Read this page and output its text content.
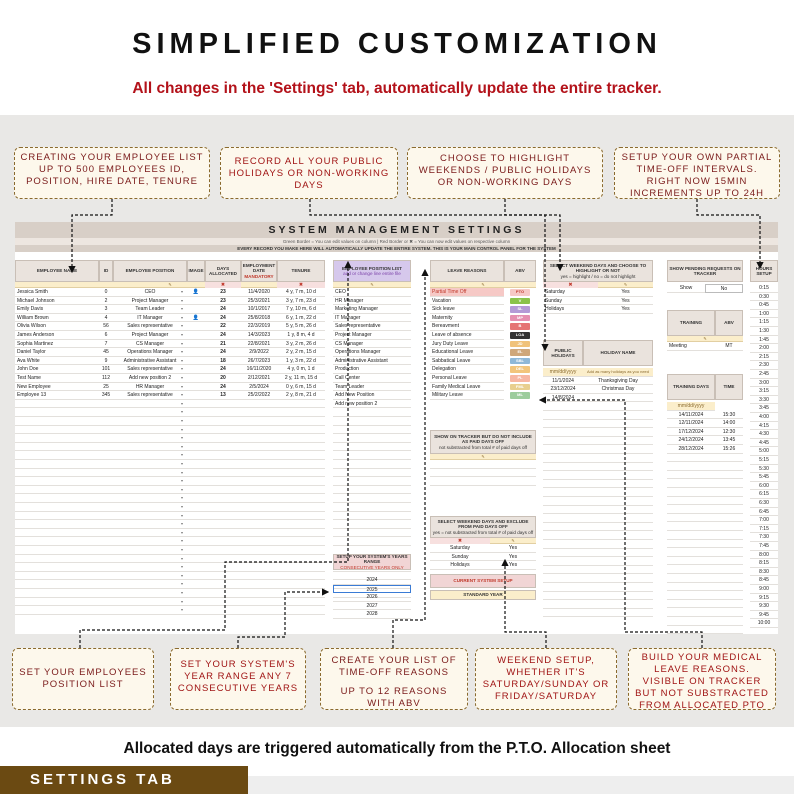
SIMPLIFIED CUSTOMIZATION
All changes in the 'Settings' tab, automatically update the entire tracker.
CREATING YOUR EMPLOYEE LIST UP TO 500 EMPLOYEES ID, POSITION, HIRE DATE, TENURE
RECORD ALL YOUR PUBLIC HOLIDAYS OR NON-WORKING DAYS
CHOOSE TO HIGHLIGHT WEEKENDS / PUBLIC HOLIDAYS OR NON-WORKING DAYS
SETUP YOUR OWN PARTIAL TIME-OFF INTERVALS. RIGHT NOW 15MIN INCREMENTS UP TO 24H
SYSTEM MANAGEMENT SETTINGS
Green Border = You can edit values on column | Red Border or ✖ = You can now edit values on respective column
EVERY RECORD YOU MAKE HERE WILL AUTOMATICALLY UPDATE THE ENTIRE SYSTEM. THIS IS YOUR MAIN CONTROL PANEL FOR THE SYSTEM
EMPLOYEE NAME	ID	EMPLOYEE POSITION	IMAGE
DAYS ALLOCATED
EMPLOYMENT DATE
MANDATORY
TENURE
✎	✖	✖
Jessica Smith	0	CEO	23	11/4/2020	4 y, 7 m, 10 d
👤
▾
Michael Johnson	2	Project Manager	23	25/3/2021	3 y, 7 m, 23 d
▾
Emily Davis	3	Team Leader	24	10/1/2017	7 y, 10 m, 6 d
▾
William Brown	4	IT Manager	24	25/8/2018	6 y, 1 m, 22 d
👤
▾
Olivia Wilson	56	Sales representative	22	22/3/2019	5 y, 5 m, 26 d
▾
James Anderson	6	Project Manager	24	14/3/2023	1 y, 8 m, 4 d
▾
Sophia Martinez	7	CS Manager	21	22/8/2021	3 y, 2 m, 26 d
▾
Daniel Taylor	45	Operations Manager	24	2/9/2022	2 y, 2 m, 15 d
▾
Ava White	9	Administrative Assistant	18	26/7/2023	1 y, 3 m, 22 d
▾
John Doe	101	Sales representative	24	16/11/2020	4 y, 0 m, 1 d
▾
Test Name	112	Add new position 2	20	2/12/2021	2 y, 11 m, 15 d
▾
New Employee	25	HR Manager	24	2/5/2024	0 y, 6 m, 15 d
▾
Employee 13	345	Sales representative	13	25/2/2022	2 y, 8 m, 21 d
▾
▾
▾
▾
▾
▾
▾
▾
▾
▾
▾
▾
▾
▾
▾
▾
▾
▾
▾
▾
▾
▾
▾
▾
▾
▾
EMPLOYEE POSITION LIST
add or change line entire file
✎
CEO
HR Manager
Marketing Manager
IT Manager
Sales representative
Project Manager
CS Manager
Operations Manager
Administrative Assistant
Production
Call Center
Team Leader
Add New Position
Add new position 2
SETUP YOUR SYSTEM'S YEARS RANGE
CONSECUTIVE YEARS ONLY
2024
2025
2026
2027
2028
LEAVE REASONS	ABV
✎
Partial Time Off	PTO
Vacation	V
Sick leave	SL
Maternity	MP
Bereavment	B
Leave of absence	LOA
Jury Duty Leave	JD
Educational Leave	EL
Sabbatical Leave	SBL
Delegation	DEL
Personal Leave	PL
Family Medical Leave	FML
Military Leave	ML
SHOW ON TRACKER BUT DO NOT INCLUDE AS PAID DAYS OFF
not substracted from total # of paid days off
✎
SELECT WEEKEND DAYS AND EXCLUDE FROM PAID DAYS OFF
yes = not substracted from total # of paid days off
✖	✎
Saturday	Yes
Sunday	Yes
Holidays	Yes
CURRENT SYSTEM SETUP
STANDARD YEAR
SELECT WEEKEND DAYS AND CHOOSE TO HIGHLIGHT OR NOT
yes = highlight / no = do not highlight
✖	✎
Saturday	Yes
Sunday	Yes
Holidays	Yes
PUBLIC HOLIDAYS
HOLIDAY NAME
mm/dd/yyyy	Add as many holidays as you need
11/1/2024	Thanksgiving Day
23/12/2024	Christmas Day
14/8/2024
SHOW PENDING REQUESTS ON TRACKER
Show	No
TRAINING	ABV
✎
Meeting	MT
TRAINING DAYS	TIME
mm/dd/yyyy
14/11/2024	15:30
12/11/2024	14:00
17/12/2024	12:30
24/12/2024	13:45
28/12/2024	15:26
HOURS SETUP
0:15
0:30
0:45
1:00
1:15
1:30
1:45
2:00
2:15
2:30
2:45
3:00
3:15
3:30
3:45
4:00
4:15
4:30
4:45
5:00
5:15
5:30
5:45
6:00
6:15
6:30
6:45
7:00
7:15
7:30
7:45
8:00
8:15
8:30
8:45
9:00
9:15
9:30
9:45
10:00
SET YOUR EMPLOYEES POSITION LIST
SET YOUR SYSTEM'S YEAR RANGE ANY 7 CONSECUTIVE YEARS
CREATE YOUR LIST OF TIME-OFF REASONS
UP TO 12 REASONS WITH ABV
WEEKEND SETUP, WHETHER IT'S SATURDAY/SUNDAY OR FRIDAY/SATURDAY
BUILD YOUR MEDICAL LEAVE REASONS. VISIBLE ON TRACKER BUT NOT SUBSTRACTED FROM ALLOCATED PTO
Allocated days are triggered automatically from the P.T.O. Allocation sheet
SETTINGS TAB
